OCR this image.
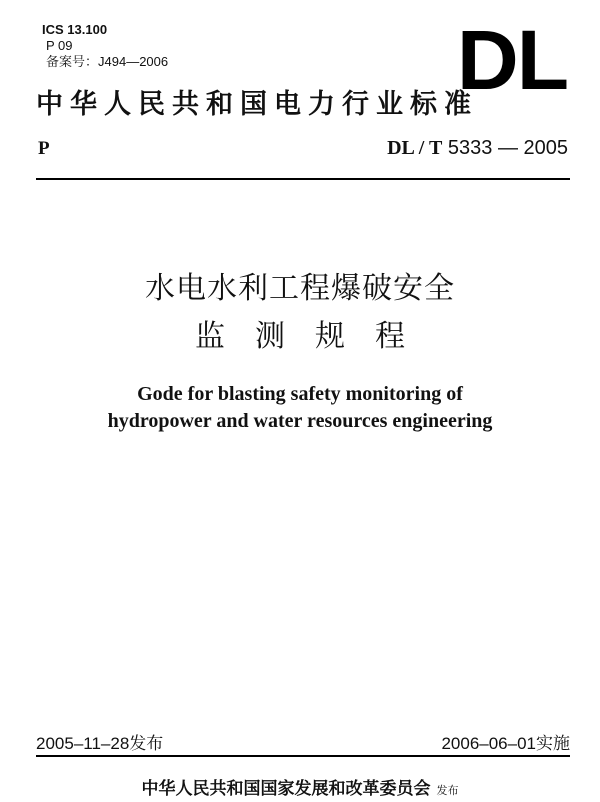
ICS 13.100
P 09
备案号：J494—2006	DL
中华人民共和国电力行业标准
P	DL / T 5333 — 2005
水电水利工程爆破安全
监　测　规　程
Gode for blasting safety monitoring of
hydropower and water resources engineering
2005–11–28发布	2006–06–01实施
中华人民共和国国家发展和改革委员会 发布
